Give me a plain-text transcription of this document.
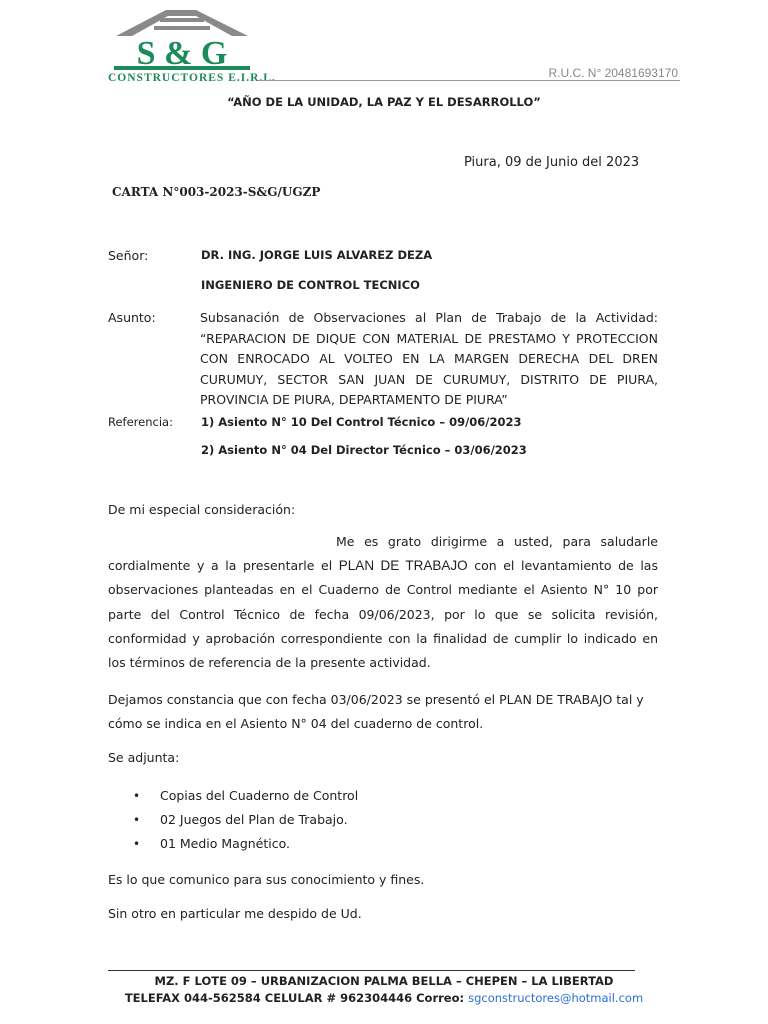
S & G
CONSTRUCTORES E.I.R.L.	R.U.C. N° 20481693170
“AÑO DE LA UNIDAD, LA PAZ Y EL DESARROLLO”
Piura, 09 de Junio del 2023
CARTA N°003-2023-S&G/UGZP
Señor:	DR. ING. JORGE LUIS ALVAREZ DEZA
INGENIERO DE CONTROL TECNICO
Asunto:	Subsanación de Observaciones al Plan de Trabajo de la Actividad:
“REPARACION DE DIQUE CON MATERIAL DE PRESTAMO Y PROTECCION
CON ENROCADO AL VOLTEO EN LA MARGEN DERECHA DEL DREN
CURUMUY, SECTOR SAN JUAN DE CURUMUY, DISTRITO DE PIURA,
PROVINCIA DE PIURA, DEPARTAMENTO DE PIURA”
Referencia: 1) Asiento N° 10 Del Control Técnico – 09/06/2023
2) Asiento N° 04 Del Director Técnico – 03/06/2023
De mi especial consideración:
Me es grato dirigirme a usted, para saludarle
cordialmente y a la presentarle el PLAN DE TRABAJO con el levantamiento de las observaciones planteadas en el Cuaderno de Control mediante el Asiento N° 10 por parte del Control Técnico de fecha 09/06/2023, por lo que se solicita revisión, conformidad y aprobación correspondiente con la finalidad de cumplir lo indicado en los términos de referencia de la presente actividad.
Dejamos constancia que con fecha 03/06/2023 se presentó el PLAN DE TRABAJO tal y cómo se indica en el Asiento N° 04 del cuaderno de control.
Se adjunta:
• Copias del Cuaderno de Control
• 02 Juegos del Plan de Trabajo.
• 01 Medio Magnético.
Es lo que comunico para sus conocimiento y fines.
Sin otro en particular me despido de Ud.
MZ. F LOTE 09 – URBANIZACION PALMA BELLA – CHEPEN – LA LIBERTAD
TELEFAX 044-562584 CELULAR # 962304446 Correo: sgconstructores@hotmail.com
